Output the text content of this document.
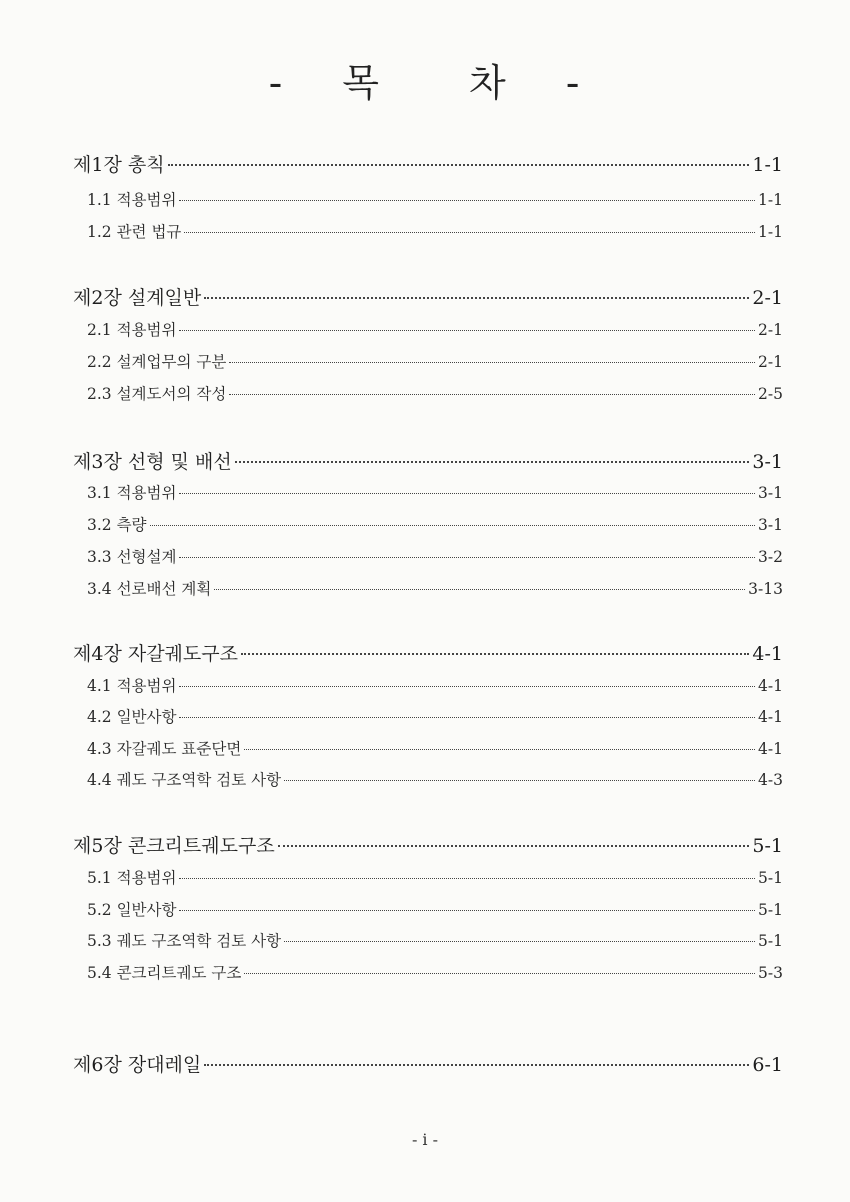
- 목 차 -
제1장 총칙	1-1
1.1 적용범위	1-1
1.2 관련 법규	1-1
제2장 설계일반	2-1
2.1 적용범위	2-1
2.2 설계업무의 구분	2-1
2.3 설계도서의 작성	2-5
제3장 선형 및 배선	3-1
3.1 적용범위	3-1
3.2 측량	3-1
3.3 선형설계	3-2
3.4 선로배선 계획	3-13
제4장 자갈궤도구조	4-1
4.1 적용범위	4-1
4.2 일반사항	4-1
4.3 자갈궤도 표준단면	4-1
4.4 궤도 구조역학 검토 사항	4-3
제5장 콘크리트궤도구조	5-1
5.1 적용범위	5-1
5.2 일반사항	5-1
5.3 궤도 구조역학 검토 사항	5-1
5.4 콘크리트궤도 구조	5-3
제6장 장대레일	6-1
- i -
